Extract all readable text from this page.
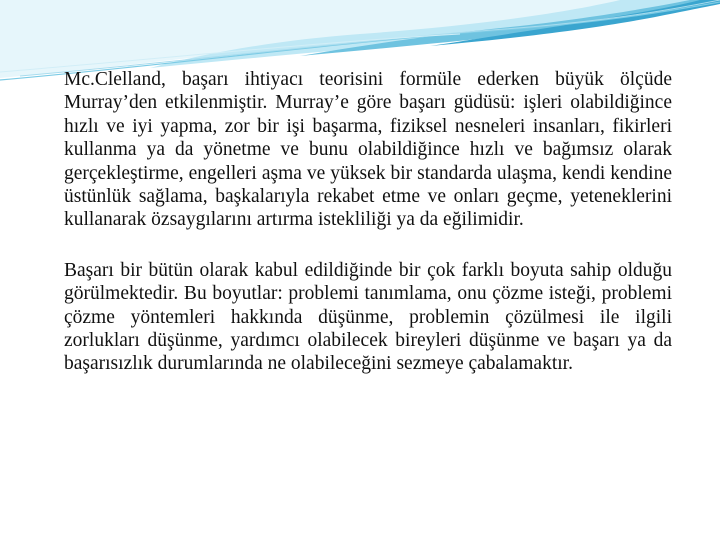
Mc.Clelland, başarı ihtiyacı teorisini formüle ederken büyük ölçüde Murray’den etkilenmiştir. Murray’e göre başarı güdüsü: işleri olabildiğince hızlı ve iyi yapma, zor bir işi başarma, fiziksel nesneleri insanları, fikirleri kullanma ya da yönetme ve bunu olabildiğince hızlı ve bağımsız olarak gerçekleştirme, engelleri aşma ve yüksek bir standarda ulaşma, kendi kendine üstünlük sağlama, başkalarıyla rekabet etme ve onları geçme, yeteneklerini kullanarak özsaygılarını artırma istekliliği ya da eğilimidir.

Başarı bir bütün olarak kabul edildiğinde bir çok farklı boyuta sahip olduğu görülmektedir. Bu boyutlar: problemi tanımlama, onu çözme isteği, problemi çözme yöntemleri hakkında düşünme, problemin çözülmesi ile ilgili zorlukları düşünme, yardımcı olabilecek bireyleri düşünme ve başarı ya da başarısızlık durumlarında ne olabileceğini sezmeye çabalamaktır.
